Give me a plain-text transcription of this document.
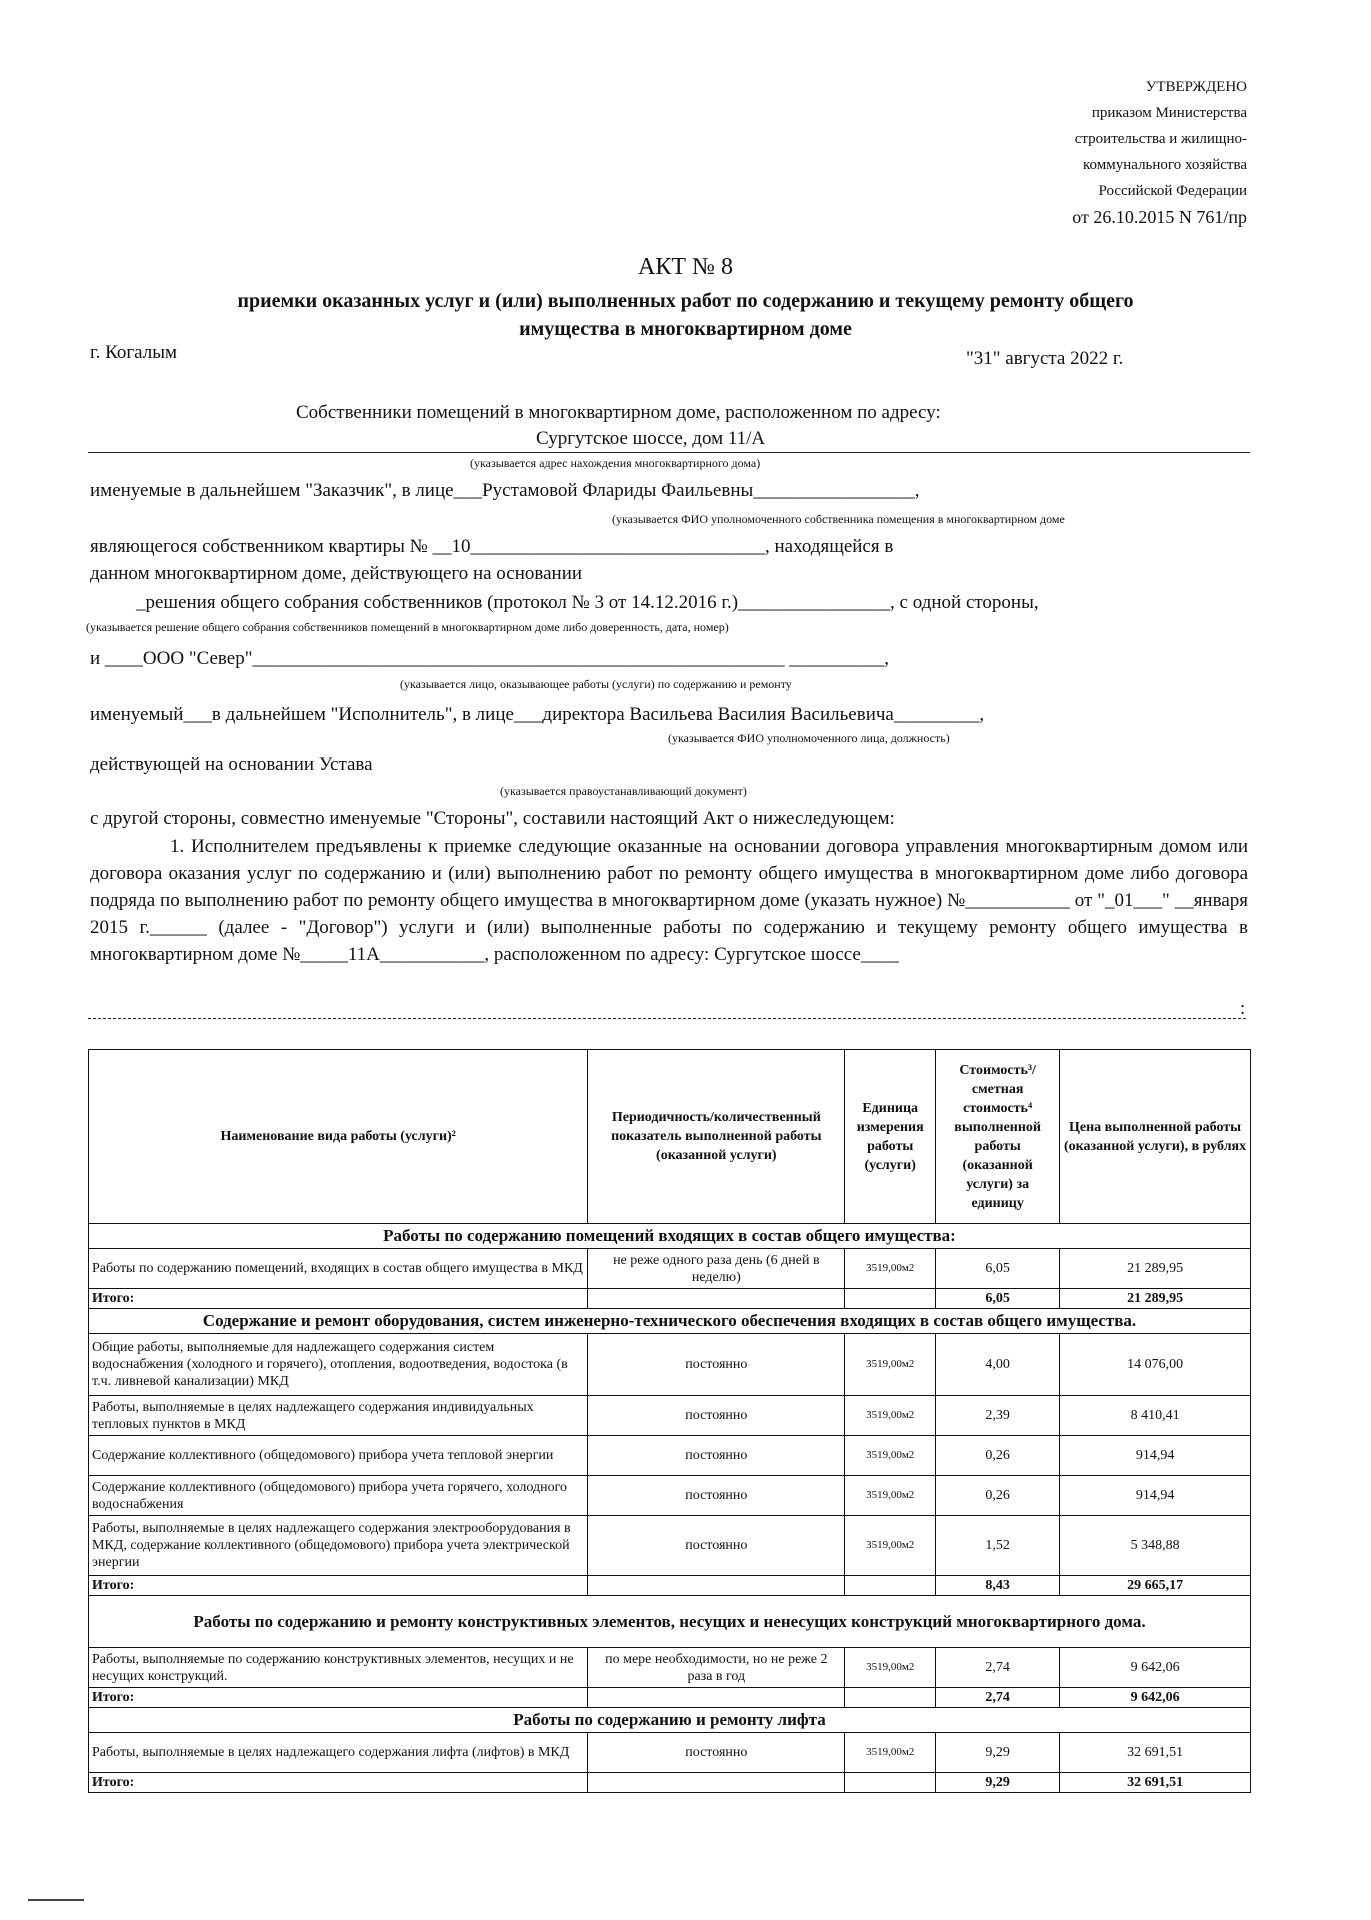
УТВЕРЖДЕНО
приказом Министерства
строительства и жилищно-
коммунального хозяйства
Российской Федерации
от 26.10.2015 N 761/пр
АКТ № 8
приемки оказанных услуг и (или) выполненных работ по содержанию и текущему ремонту общего
имущества в многоквартирном доме
г. Когалым	"31" августа 2022 г.
Собственники помещений в многоквартирном доме, расположенном по адресу:
Сургутское шоссе, дом 11/А
(указывается адрес нахождения многоквартирного дома)
именуемые в дальнейшем "Заказчик", в лице___Рустамовой Флариды Фаильевны_________________,
(указывается ФИО уполномоченного собственника помещения в многоквартирном доме
являющегося собственником квартиры № __10_______________________________, находящейся в
данном многоквартирном доме, действующего на основании
_решения общего собрания собственников (протокол № 3 от 14.12.2016 г.)________________, с одной стороны,
(указывается решение общего собрания собственников помещений в многоквартирном доме либо доверенность, дата, номер)
и ____ООО "Север"________________________________________________________ __________,
(указывается лицо, оказывающее работы (услуги) по содержанию и ремонту
именуемый___в дальнейшем "Исполнитель", в лице___директора Васильева Василия Васильевича_________,
(указывается ФИО уполномоченного лица, должность)
действующей на основании Устава
(указывается правоустанавливающий документ)
с другой стороны, совместно именуемые "Стороны", составили настоящий Акт о нижеследующем:
1. Исполнителем предъявлены к приемке следующие оказанные на основании договора управления многоквартирным домом или договора оказания услуг по содержанию и (или) выполнению работ по ремонту общего имущества в многоквартирном доме либо договора подряда по выполнению работ по ремонту общего имущества в многоквартирном доме (указать нужное) №___________ от "_01___" __января 2015 г.______ (далее - "Договор") услуги и (или) выполненные работы по содержанию и текущему ремонту общего имущества в многоквартирном доме №_____11А___________, расположенном по адресу: Сургутское шоссе____
:
Наименование вида работы (услуги)²	Периодичность/количественный показатель выполненной работы (оказанной услуги)	Единица измерения работы (услуги)	Стоимость³/сметная стоимость⁴ выполненной работы (оказанной услуги) за единицу	Цена выполненной работы (оказанной услуги), в рублях
Работы по содержанию помещений входящих в состав общего имущества:				
Работы по содержанию помещений, входящих в состав общего имущества в МКД	не реже одного раза день (6 дней в неделю)	3519,00м2	6,05	21 289,95
Итого:			6,05	21 289,95
Содержание и ремонт оборудования, систем инженерно-технического обеспечения входящих в состав общего имущества.				
Общие работы, выполняемые для надлежащего содержания систем водоснабжения (холодного и горячего), отопления, водоотведения, водостока (в т.ч. ливневой канализации) МКД	постоянно	3519,00м2	4,00	14 076,00
Работы, выполняемые в целях надлежащего содержания индивидуальных тепловых пунктов в МКД	постоянно	3519,00м2	2,39	8 410,41
Содержание коллективного (общедомового) прибора учета тепловой энергии	постоянно	3519,00м2	0,26	914,94
Содержание коллективного (общедомового) прибора учета горячего, холодного водоснабжения	постоянно	3519,00м2	0,26	914,94
Работы, выполняемые в целях надлежащего содержания электрооборудования в МКД, содержание коллективного (общедомового) прибора учета электрической энергии	постоянно	3519,00м2	1,52	5 348,88
Итого:			8,43	29 665,17
Работы по содержанию и ремонту конструктивных элементов, несущих и ненесущих конструкций многоквартирного дома.				
Работы, выполняемые по содержанию конструктивных элементов, несущих и не несущих конструкций.	по мере необходимости, но не реже 2 раза в год	3519,00м2	2,74	9 642,06
Итого:			2,74	9 642,06
Работы по содержанию и ремонту лифта				
Работы, выполняемые в целях надлежащего содержания лифта (лифтов) в МКД	постоянно	3519,00м2	9,29	32 691,51
Итого:			9,29	32 691,51
